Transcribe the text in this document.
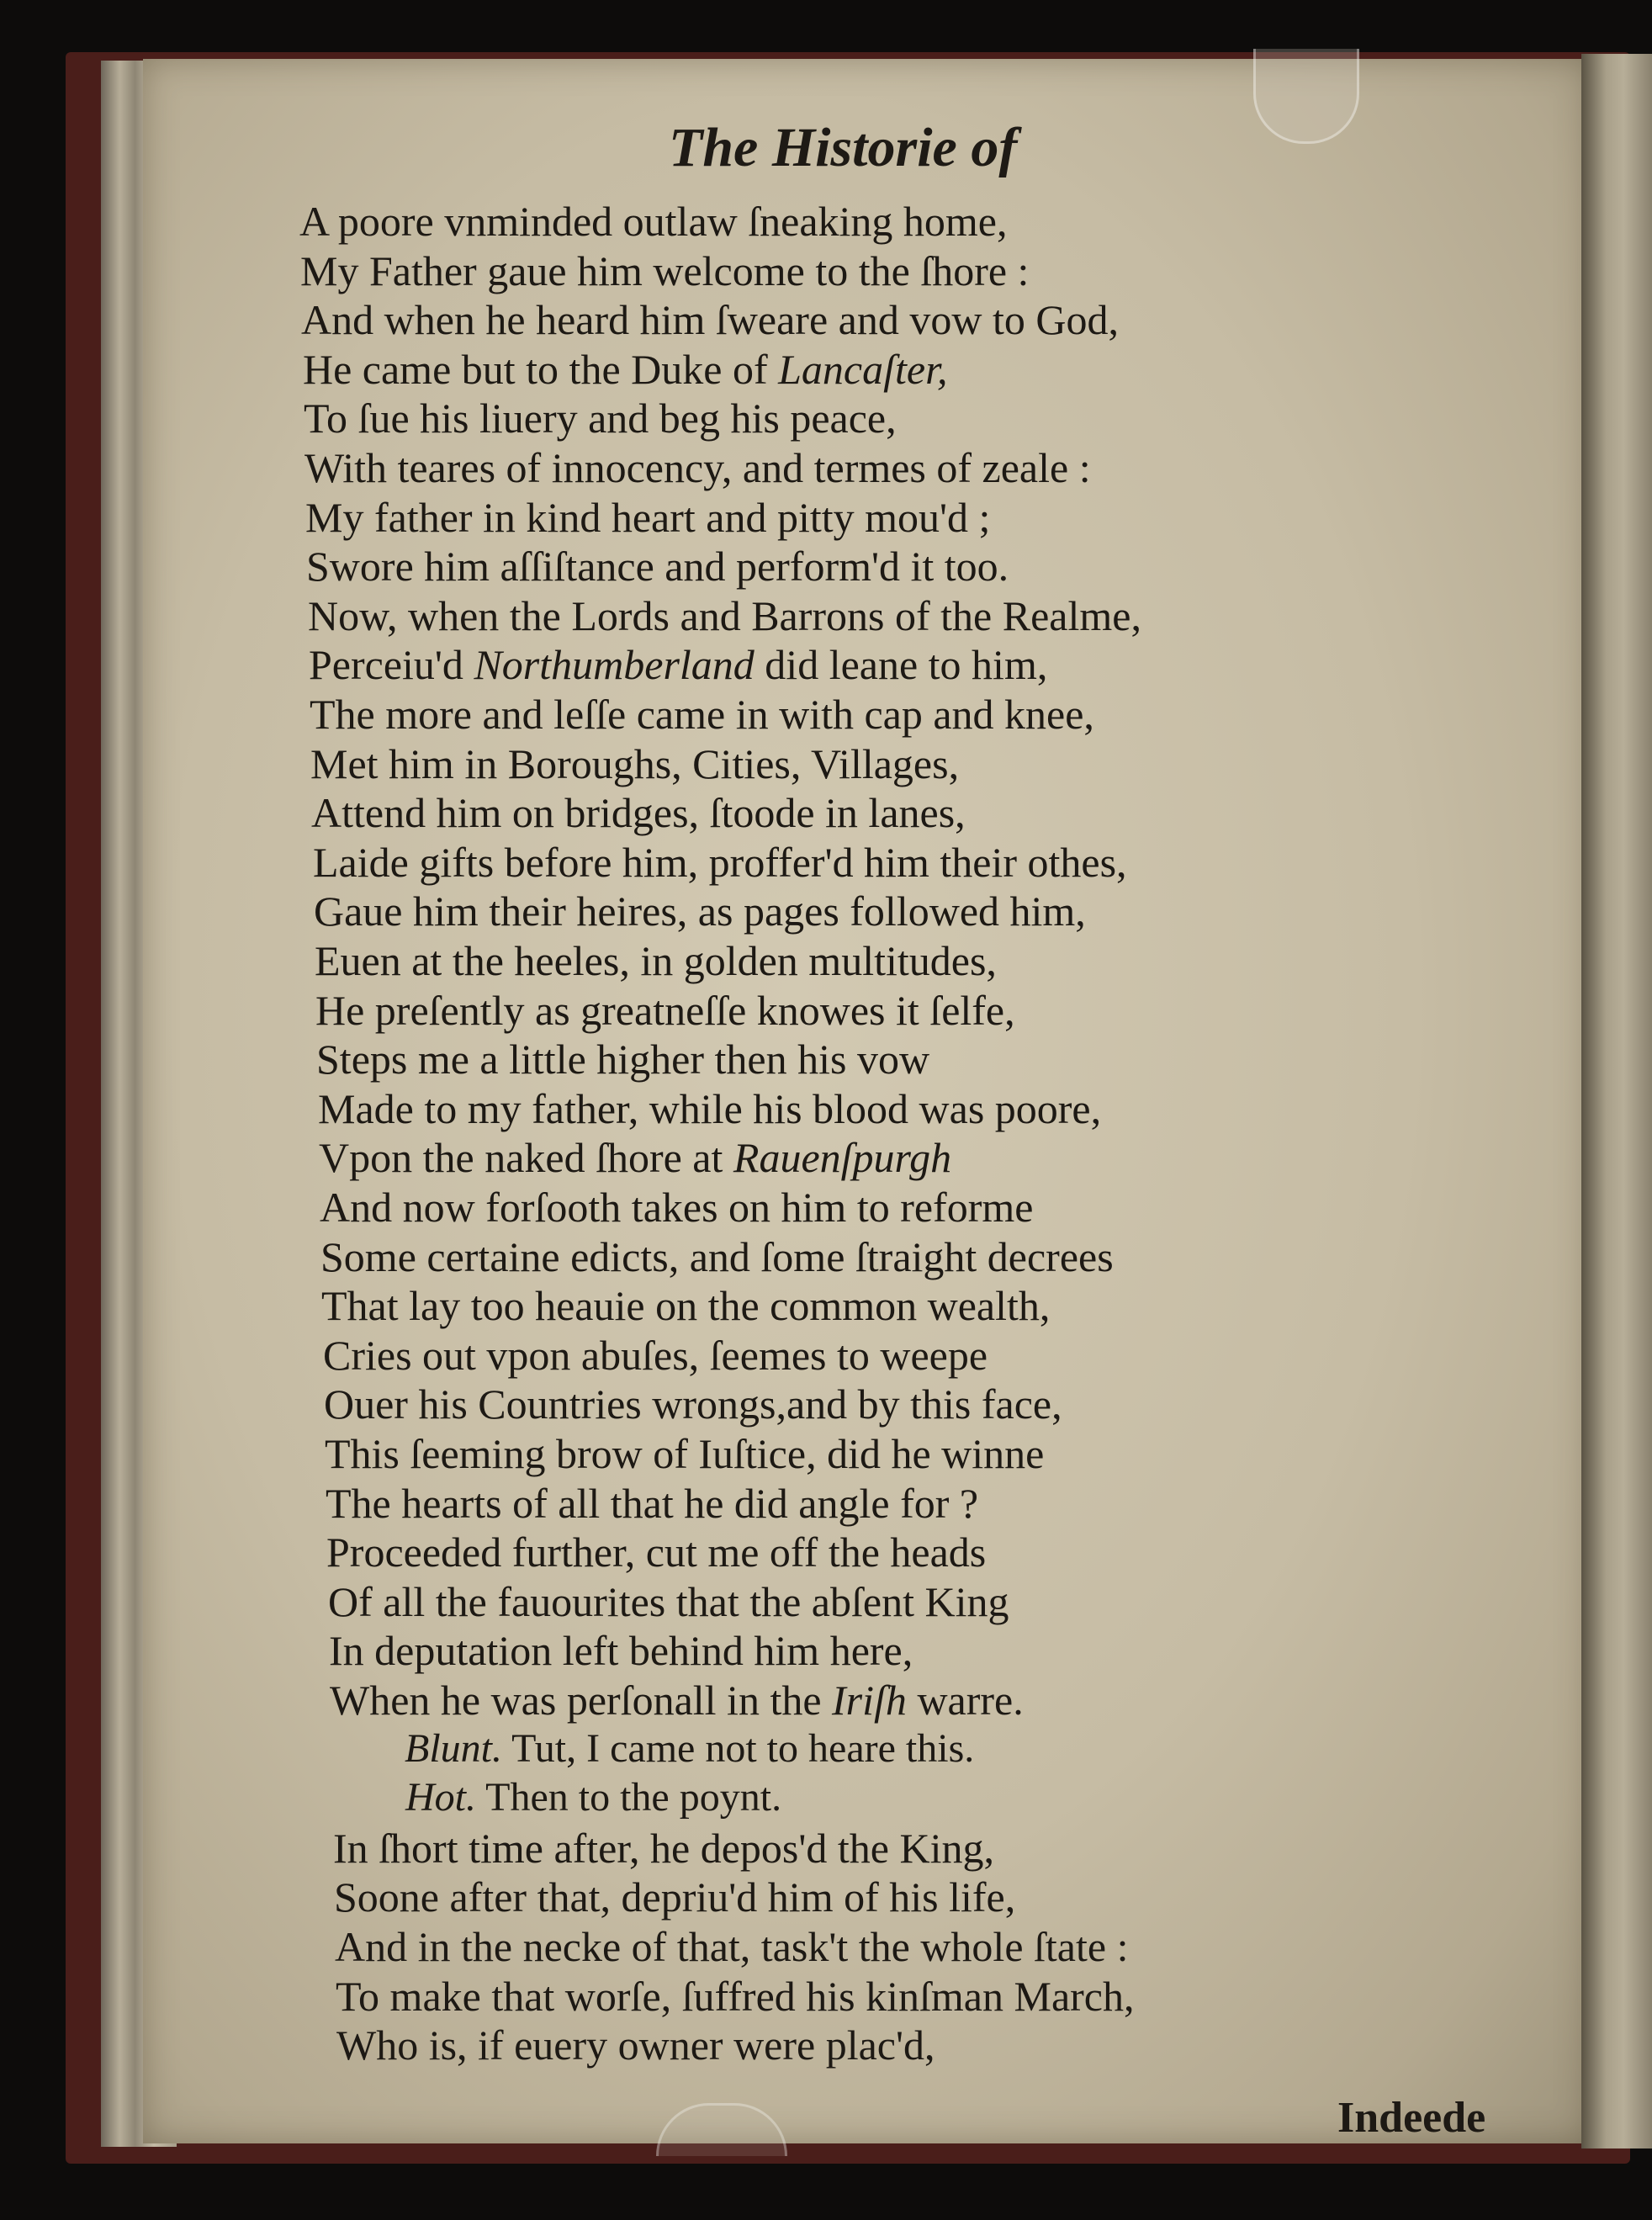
The Historie of
A poore vnminded outlaw ſneaking home,
My Father gaue him welcome to the ſhore :
And when he heard him ſweare and vow to God,
He came but to the Duke of Lancaſter,
To ſue his liuery and beg his peace,
With teares of innocency, and termes of zeale :
My father in kind heart and pitty mou'd ;
Swore him aſſiſtance and perform'd it too.
Now, when the Lords and Barrons of the Realme,
Perceiu'd Northumberland did leane to him,
The more and leſſe came in with cap and knee,
Met him in Boroughs, Cities, Villages,
Attend him on bridges, ſtoode in lanes,
Laide gifts before him, proffer'd him their othes,
Gaue him their heires, as pages followed him,
Euen at the heeles, in golden multitudes,
He preſently as greatneſſe knowes it ſelfe,
Steps me a little higher then his vow
Made to my father, while his blood was poore,
Vpon the naked ſhore at Rauenſpurgh
And now forſooth takes on him to reforme
Some certaine edicts, and ſome ſtraight decrees
That lay too heauie on the common wealth,
Cries out vpon abuſes, ſeemes to weepe
Ouer his Countries wrongs,and by this face,
This ſeeming brow of Iuſtice, did he winne
The hearts of all that he did angle for ?
Proceeded further, cut me off the heads
Of all the fauourites that the abſent King
In deputation left behind him here,
When he was perſonall in the Iriſh warre.
Blunt. Tut, I came not to heare this.
Hot. Then to the poynt.
In ſhort time after, he depos'd the King,
Soone after that, depriu'd him of his life,
And in the necke of that, task't the whole ſtate :
To make that worſe, ſuffred his kinſman March,
Who is, if euery owner were plac'd,
Indeede
